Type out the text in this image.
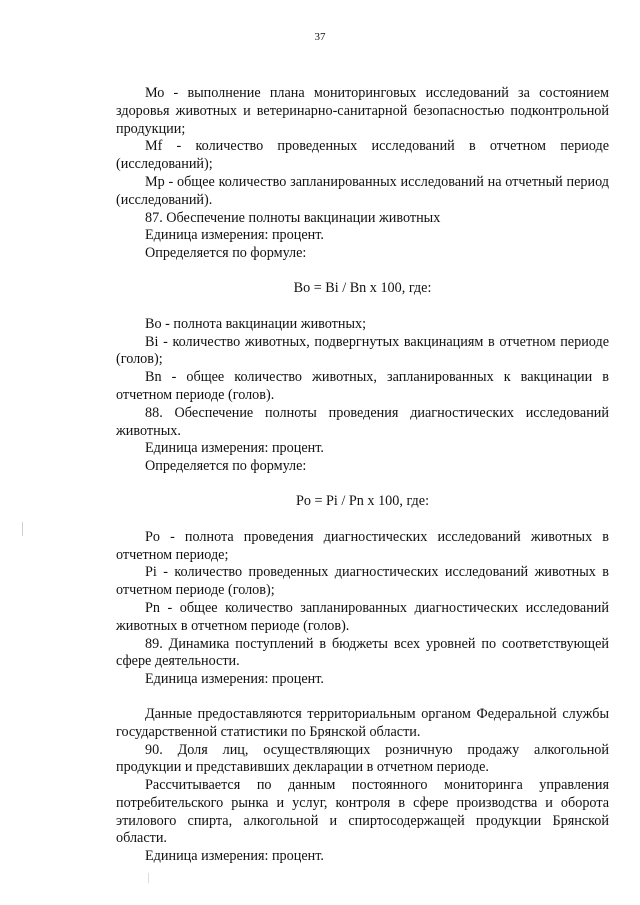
37

Мо - выполнение плана мониторинговых исследований за состоянием здоровья животных и ветеринарно-санитарной безопасностью подконтрольной продукции;

Mf - количество проведенных исследований в отчетном периоде (исследований);

Mp - общее количество запланированных исследований на отчетный период (исследований).

87. Обеспечение полноты вакцинации животных

Единица измерения: процент.

Определяется по формуле:

Bo = Bi / Bn х 100, где:

Bo - полнота вакцинации животных;

Bi - количество животных, подвергнутых вакцинациям в отчетном периоде (голов);

Bn - общее количество животных, запланированных к вакцинации в отчетном периоде (голов).

88. Обеспечение полноты проведения диагностических исследований животных.

Единица измерения: процент.

Определяется по формуле:

Po = Pi / Pn х 100, где:

Po - полнота проведения диагностических исследований животных в отчетном периоде;

Pi - количество проведенных диагностических исследований животных в отчетном периоде (голов);

Pn - общее количество запланированных диагностических исследований животных в отчетном периоде (голов).

89. Динамика поступлений в бюджеты всех уровней по соответствующей сфере деятельности.

Единица измерения: процент.

Данные предоставляются территориальным органом Федеральной службы государственной статистики по Брянской области.

90. Доля лиц, осуществляющих розничную продажу алкогольной продукции и представивших декларации в отчетном периоде.

Рассчитывается по данным постоянного мониторинга управления потребительского рынка и услуг, контроля в сфере производства и оборота этилового спирта, алкогольной и спиртосодержащей продукции Брянской области.

Единица измерения: процент.
